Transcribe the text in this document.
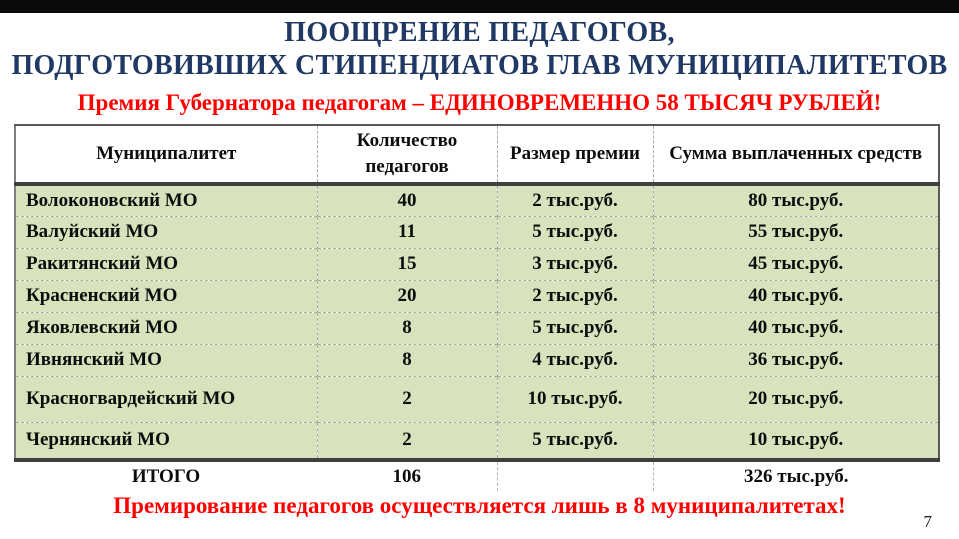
ПООЩРЕНИЕ ПЕДАГОГОВ,
ПОДГОТОВИВШИХ СТИПЕНДИАТОВ ГЛАВ МУНИЦИПАЛИТЕТОВ
Премия Губернатора педагогам – ЕДИНОВРЕМЕННО 58 ТЫСЯЧ РУБЛЕЙ!
Муниципалитет	Количество педагогов	Размер премии	Сумма выплаченных средств
Волоконовский МО	40	2 тыс.руб.	80 тыс.руб.
Валуйский МО	11	5 тыс.руб.	55 тыс.руб.
Ракитянский МО	15	3 тыс.руб.	45 тыс.руб.
Красненский МО	20	2 тыс.руб.	40 тыс.руб.
Яковлевский МО	8	5 тыс.руб.	40 тыс.руб.
Ивнянский МО	8	4 тыс.руб.	36 тыс.руб.
Красногвардейский МО	2	10 тыс.руб.	20 тыс.руб.
Чернянский МО	2	5 тыс.руб.	10 тыс.руб.
ИТОГО	106		326 тыс.руб.
Премирование педагогов осуществляется лишь в 8 муниципалитетах!
7
